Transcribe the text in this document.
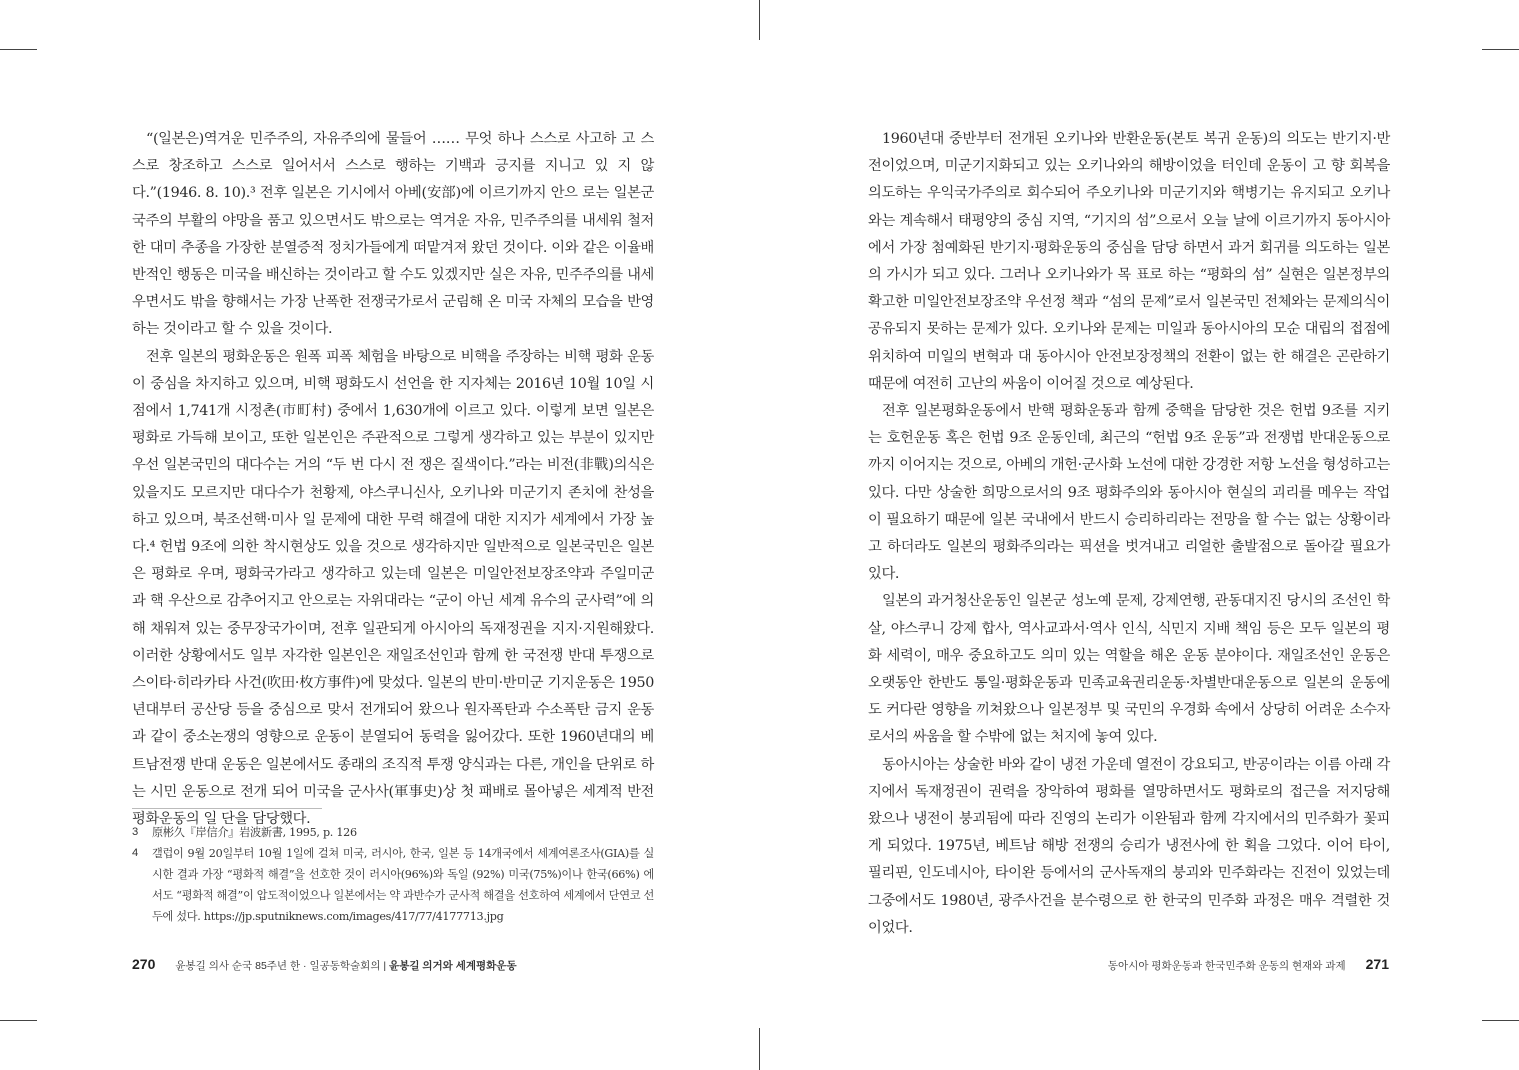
“(일본은)역겨운 민주주의, 자유주의에 물들어 …… 무엇 하나 스스로 사고하 고 스스로 창조하고 스스로 일어서서 스스로 행하는 기백과 긍지를 지니고 있 지 않다.”(1946. 8. 10).³ 전후 일본은 기시에서 아베(安部)에 이르기까지 안으 로는 일본군국주의 부활의 야망을 품고 있으면서도 밖으로는 역겨운 자유, 민주주의를 내세워 철저한 대미 추종을 가장한 분열증적 정치가들에게 떠맡겨져 왔던 것이다. 이와 같은 이율배반적인 행동은 미국을 배신하는 것이라고 할 수도 있겠지만 실은 자유, 민주주의를 내세우면서도 밖을 향해서는 가장 난폭한 전쟁국가로서 군림해 온 미국 자체의 모습을 반영하는 것이라고 할 수 있을 것이다.

전후 일본의 평화운동은 원폭 피폭 체험을 바탕으로 비핵을 주장하는 비핵 평화 운동이 중심을 차지하고 있으며, 비핵 평화도시 선언을 한 지자체는 2016년 10월 10일 시점에서 1,741개 시정촌(市町村) 중에서 1,630개에 이르고 있다. 이렇게 보면 일본은 평화로 가득해 보이고, 또한 일본인은 주관적으로 그렇게 생각하고 있는 부분이 있지만 우선 일본국민의 대다수는 거의 “두 번 다시 전 쟁은 질색이다.”라는 비전(非戰)의식은 있을지도 모르지만 대다수가 천황제, 야스쿠니신사, 오키나와 미군기지 존치에 찬성을 하고 있으며, 북조선핵·미사 일 문제에 대한 무력 해결에 대한 지지가 세계에서 가장 높다.⁴ 헌법 9조에 의한 착시현상도 있을 것으로 생각하지만 일반적으로 일본국민은 일본은 평화로 우며, 평화국가라고 생각하고 있는데 일본은 미일안전보장조약과 주일미군과 핵 우산으로 감추어지고 안으로는 자위대라는 “군이 아닌 세계 유수의 군사력”에 의해 채워져 있는 중무장국가이며, 전후 일관되게 아시아의 독재정권을 지지·지원해왔다. 이러한 상황에서도 일부 자각한 일본인은 재일조선인과 함께 한 국전쟁 반대 투쟁으로 스이타·히라카타 사건(吹田·枚方事件)에 맞섰다. 일본의 반미·반미군 기지운동은 1950년대부터 공산당 등을 중심으로 맞서 전개되어 왔으나 원자폭탄과 수소폭탄 금지 운동과 같이 중소논쟁의 영향으로 운동이 분열되어 동력을 잃어갔다. 또한 1960년대의 베트남전쟁 반대 운동은 일본에서도 종래의 조직적 투쟁 양식과는 다른, 개인을 단위로 하는 시민 운동으로 전개 되어 미국을 군사사(軍事史)상 첫 패배로 몰아넣은 세계적 반전평화운동의 일 단을 담당했다.

3	原彬久『岸信介』岩波新書, 1995, p. 126
4	갤럽이 9월 20일부터 10월 1일에 걸쳐 미국, 러시아, 한국, 일본 등 14개국에서 세계여론조사(GIA)를 실시한 결과 가장 “평화적 해결”을 선호한 것이 러시아(96%)와 독일 (92%) 미국(75%)이나 한국(66%) 에서도 “평화적 해결”이 압도적이었으나 일본에서는 약 과반수가 군사적 해결을 선호하여 세계에서 단연코 선두에 섰다. https://jp.sputniknews.com/images/417/77/4177713.jpg
270 윤봉길 의사 순국 85주년 한 · 일공동학술회의 |
윤봉길 의거와 세계평화운동

1960년대 중반부터 전개된 오키나와 반환운동(본토 복귀 운동)의 의도는 반기지·반전이었으며, 미군기지화되고 있는 오키나와의 해방이었을 터인데 운동이 고 향 회복을 의도하는 우익국가주의로 회수되어 주오키나와 미군기지와 핵병기는 유지되고 오키나와는 계속해서 태평양의 중심 지역, “기지의 섬”으로서 오늘 날에 이르기까지 동아시아에서 가장 첨예화된 반기지·평화운동의 중심을 담당 하면서 과거 회귀를 의도하는 일본의 가시가 되고 있다. 그러나 오키나와가 목 표로 하는 “평화의 섬” 실현은 일본정부의 확고한 미일안전보장조약 우선정 책과 “섬의 문제”로서 일본국민 전체와는 문제의식이 공유되지 못하는 문제가 있다. 오키나와 문제는 미일과 동아시아의 모순 대립의 접점에 위치하여 미일의 변혁과 대 동아시아 안전보장정책의 전환이 없는 한 해결은 곤란하기 때문에 여전히 고난의 싸움이 이어질 것으로 예상된다.

전후 일본평화운동에서 반핵 평화운동과 함께 중핵을 담당한 것은 헌법 9조를 지키는 호헌운동 혹은 헌법 9조 운동인데, 최근의 “헌법 9조 운동”과 전쟁법 반대운동으로까지 이어지는 것으로, 아베의 개헌·군사화 노선에 대한 강경한 저항 노선을 형성하고는 있다. 다만 상술한 희망으로서의 9조 평화주의와 동아시아 현실의 괴리를 메우는 작업이 필요하기 때문에 일본 국내에서 반드시 승리하리라는 전망을 할 수는 없는 상황이라고 하더라도 일본의 평화주의라는 픽션을 벗겨내고 리얼한 출발점으로 돌아갈 필요가 있다.

일본의 과거청산운동인 일본군 성노예 문제, 강제연행, 관동대지진 당시의 조선인 학살, 야스쿠니 강제 합사, 역사교과서·역사 인식, 식민지 지배 책임 등은 모두 일본의 평화 세력이, 매우 중요하고도 의미 있는 역할을 해온 운동 분야이다. 재일조선인 운동은 오랫동안 한반도 통일·평화운동과 민족교육권리운동·차별반대운동으로 일본의 운동에도 커다란 영향을 끼쳐왔으나 일본정부 및 국민의 우경화 속에서 상당히 어려운 소수자로서의 싸움을 할 수밖에 없는 처지에 놓여 있다.

동아시아는 상술한 바와 같이 냉전 가운데 열전이 강요되고, 반공이라는 이름 아래 각지에서 독재정권이 권력을 장악하여 평화를 열망하면서도 평화로의 접근을 저지당해 왔으나 냉전이 붕괴됨에 따라 진영의 논리가 이완됨과 함께 각지에서의 민주화가 꽃피게 되었다. 1975년, 베트남 해방 전쟁의 승리가 냉전사에 한 획을 그었다. 이어 타이, 필리핀, 인도네시아, 타이완 등에서의 군사독재의 붕괴와 민주화라는 진전이 있었는데 그중에서도 1980년, 광주사건을 분수령으로 한 한국의 민주화 과정은 매우 격렬한 것이었다.

동아시아 평화운동과 한국민주화 운동의 현재와 과제 271
